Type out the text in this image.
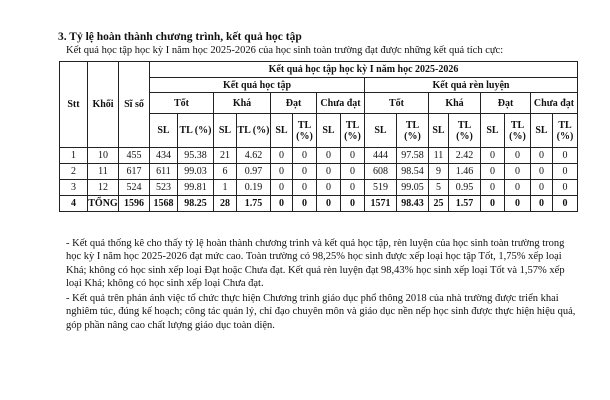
3. Tỷ lệ hoàn thành chương trình, kết quả học tập
Kết quả học tập học kỳ I năm học 2025-2026 của học sinh toàn trường đạt được những kết quả tích cực:
Stt	Khối	Sĩ số	Kết quả học tập học kỳ I năm học 2025-2026															
			Kết quả học tập								Kết quả rèn luyện							
			Tốt		Khá		Đạt		Chưa đạt		Tốt		Khá		Đạt		Chưa đạt	
			SL	TL (%)	SL	TL (%)	SL	TL (%)	SL	TL (%)	SL	TL (%)	SL	TL (%)	SL	TL (%)	SL	TL (%)
1	10	455	434	95.38	21	4.62	0	0	0	0	444	97.58	11	2.42	0	0	0	0
2	11	617	611	99.03	6	0.97	0	0	0	0	608	98.54	9	1.46	0	0	0	0
3	12	524	523	99.81	1	0.19	0	0	0	0	519	99.05	5	0.95	0	0	0	0
4	TỔNG	1596	1568	98.25	28	1.75	0	0	0	0	1571	98.43	25	1.57	0	0	0	0
- Kết quả thống kê cho thấy tỷ lệ hoàn thành chương trình và kết quả học tập, rèn luyện của học sinh toàn trường trong học kỳ I năm học 2025-2026 đạt mức cao. Toàn trường có 98,25% học sinh được xếp loại học tập Tốt, 1,75% xếp loại Khá; không có học sinh xếp loại Đạt hoặc Chưa đạt. Kết quả rèn luyện đạt 98,43% học sinh xếp loại Tốt và 1,57% xếp loại Khá; không có học sinh xếp loại Chưa đạt.
- Kết quả trên phản ánh việc tổ chức thực hiện Chương trình giáo dục phổ thông 2018 của nhà trường được triển khai nghiêm túc, đúng kế hoạch; công tác quản lý, chỉ đạo chuyên môn và giáo dục nền nếp học sinh được thực hiện hiệu quả, góp phần nâng cao chất lượng giáo dục toàn diện.
